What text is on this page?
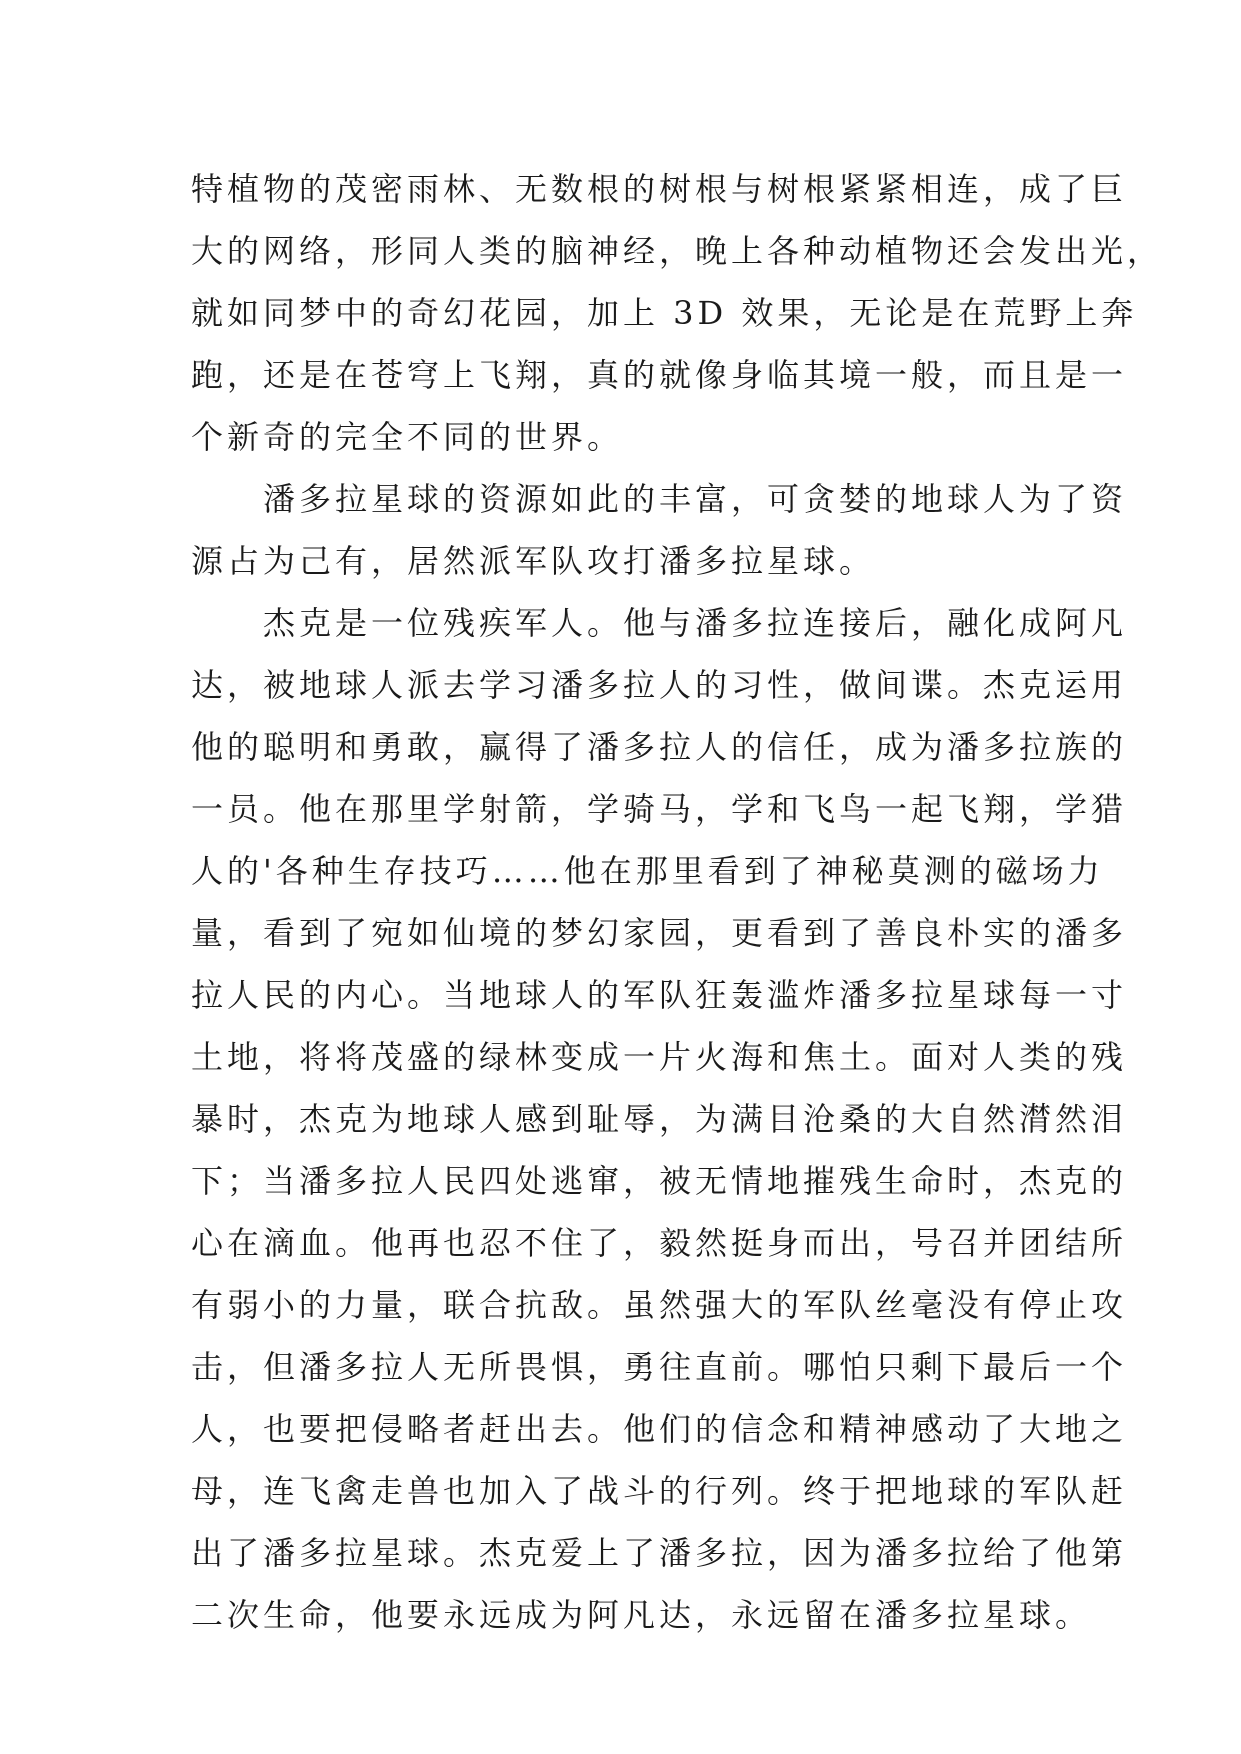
特植物的茂密雨林、无数根的树根与树根紧紧相连，成了巨
大的网络，形同人类的脑神经，晚上各种动植物还会发出光，
就如同梦中的奇幻花园，加上 3D 效果，无论是在荒野上奔
跑，还是在苍穹上飞翔，真的就像身临其境一般，而且是一
个新奇的完全不同的世界。
　　潘多拉星球的资源如此的丰富，可贪婪的地球人为了资
源占为己有，居然派军队攻打潘多拉星球。
　　杰克是一位残疾军人。他与潘多拉连接后，融化成阿凡
达，被地球人派去学习潘多拉人的习性，做间谍。杰克运用
他的聪明和勇敢，赢得了潘多拉人的信任，成为潘多拉族的
一员。他在那里学射箭，学骑马，学和飞鸟一起飞翔，学猎
人的'各种生存技巧……他在那里看到了神秘莫测的磁场力
量，看到了宛如仙境的梦幻家园，更看到了善良朴实的潘多
拉人民的内心。当地球人的军队狂轰滥炸潘多拉星球每一寸
土地，将将茂盛的绿林变成一片火海和焦土。面对人类的残
暴时，杰克为地球人感到耻辱，为满目沧桑的大自然潸然泪
下；当潘多拉人民四处逃窜，被无情地摧残生命时，杰克的
心在滴血。他再也忍不住了，毅然挺身而出，号召并团结所
有弱小的力量，联合抗敌。虽然强大的军队丝毫没有停止攻
击，但潘多拉人无所畏惧，勇往直前。哪怕只剩下最后一个
人，也要把侵略者赶出去。他们的信念和精神感动了大地之
母，连飞禽走兽也加入了战斗的行列。终于把地球的军队赶
出了潘多拉星球。杰克爱上了潘多拉，因为潘多拉给了他第
二次生命，他要永远成为阿凡达，永远留在潘多拉星球。
